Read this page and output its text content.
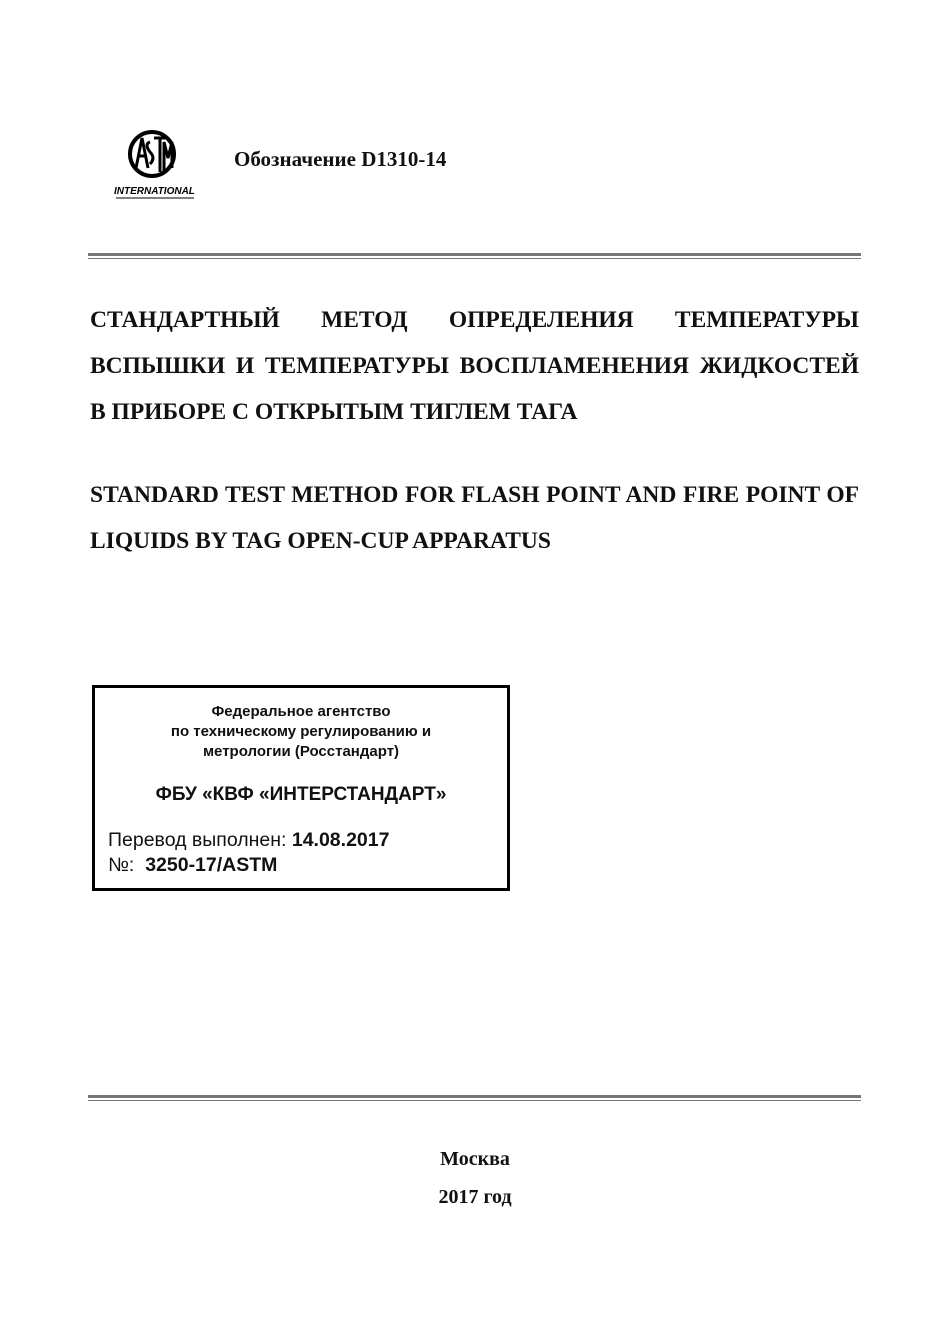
INTERNATIONAL
Обозначение D1310-14
СТАНДАРТНЫЙ МЕТОД ОПРЕДЕЛЕНИЯ ТЕМПЕРАТУРЫ ВСПЫШКИ И ТЕМПЕРАТУРЫ ВОСПЛАМЕНЕНИЯ ЖИДКОСТЕЙ В ПРИБОРЕ С ОТКРЫТЫМ ТИГЛЕМ ТАГА
STANDARD TEST METHOD FOR FLASH POINT AND FIRE POINT OF LIQUIDS BY TAG OPEN-CUP APPARATUS
Федеральное агентство
по техническому регулированию и
метрологии (Росстандарт)
ФБУ «КВФ «ИНТЕРСТАНДАРТ»
Перевод выполнен: 14.08.2017
№: 3250-17/ASTM
Москва
2017 год
